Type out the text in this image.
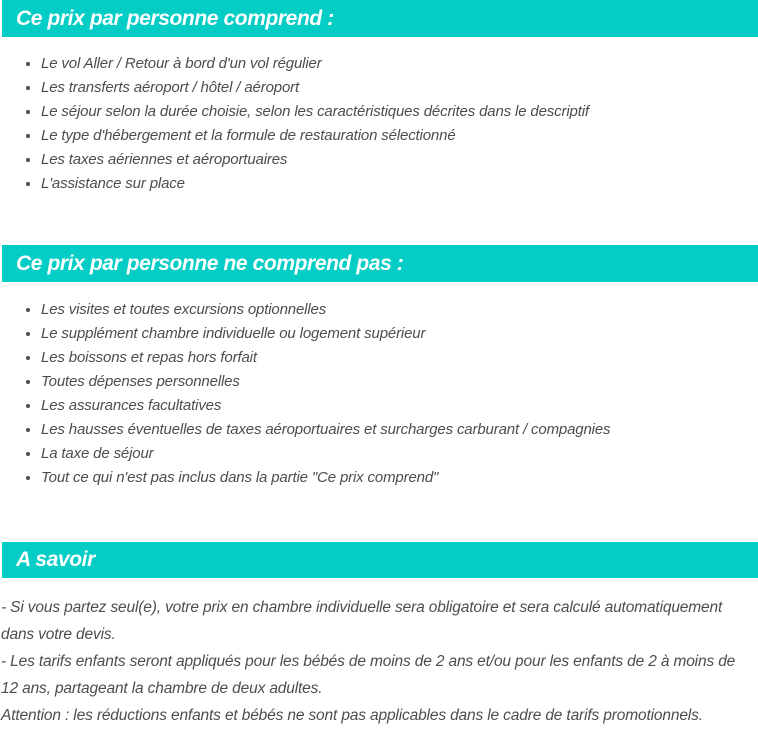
Ce prix par personne comprend :
• Le vol Aller / Retour à bord d'un vol régulier
• Les transferts aéroport / hôtel / aéroport
• Le séjour selon la durée choisie, selon les caractéristiques décrites dans le descriptif
• Le type d'hébergement et la formule de restauration sélectionné
• Les taxes aériennes et aéroportuaires
• L'assistance sur place
Ce prix par personne ne comprend pas :
• Les visites et toutes excursions optionnelles
• Le supplément chambre individuelle ou logement supérieur
• Les boissons et repas hors forfait
• Toutes dépenses personnelles
• Les assurances facultatives
• Les hausses éventuelles de taxes aéroportuaires et surcharges carburant / compagnies
• La taxe de séjour
• Tout ce qui n'est pas inclus dans la partie "Ce prix comprend"
A savoir

- Si vous partez seul(e), votre prix en chambre individuelle sera obligatoire et sera calculé automatiquement dans votre devis.

- Les tarifs enfants seront appliqués pour les bébés de moins de 2 ans et/ou pour les enfants de 2 à moins de 12 ans, partageant la chambre de deux adultes.

Attention : les réductions enfants et bébés ne sont pas applicables dans le cadre de tarifs promotionnels.
